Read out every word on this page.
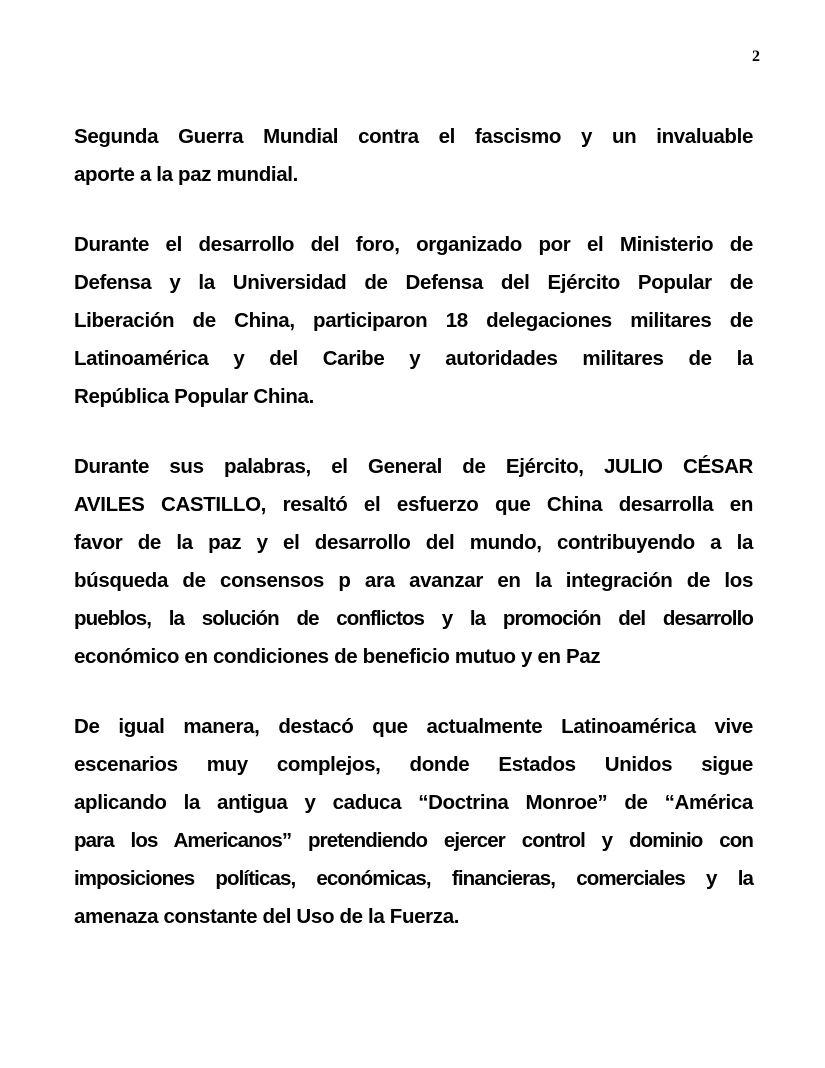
2
Segunda Guerra Mundial contra el fascismo y un invaluable
aporte a la paz mundial.
Durante el desarrollo del foro, organizado por el Ministerio de
Defensa y la Universidad de Defensa del Ejército Popular de
Liberación de China, participaron 18 delegaciones militares de
Latinoamérica y del Caribe y autoridades militares de la
República Popular China.
Durante sus palabras, el General de Ejército, JULIO CÉSAR
AVILES CASTILLO, resaltó el esfuerzo que China desarrolla en
favor de la paz y el desarrollo del mundo, contribuyendo a la
búsqueda de consensos p ara avanzar en la integración de los
pueblos, la solución de conflictos y la promoción del desarrollo
económico en condiciones de beneficio mutuo y en Paz
De igual manera, destacó que actualmente Latinoamérica vive
escenarios muy complejos, donde Estados Unidos sigue
aplicando la antigua y caduca “Doctrina Monroe” de “América
para los Americanos” pretendiendo ejercer control y dominio con
imposiciones políticas, económicas, financieras, comerciales y la
amenaza constante del Uso de la Fuerza.
